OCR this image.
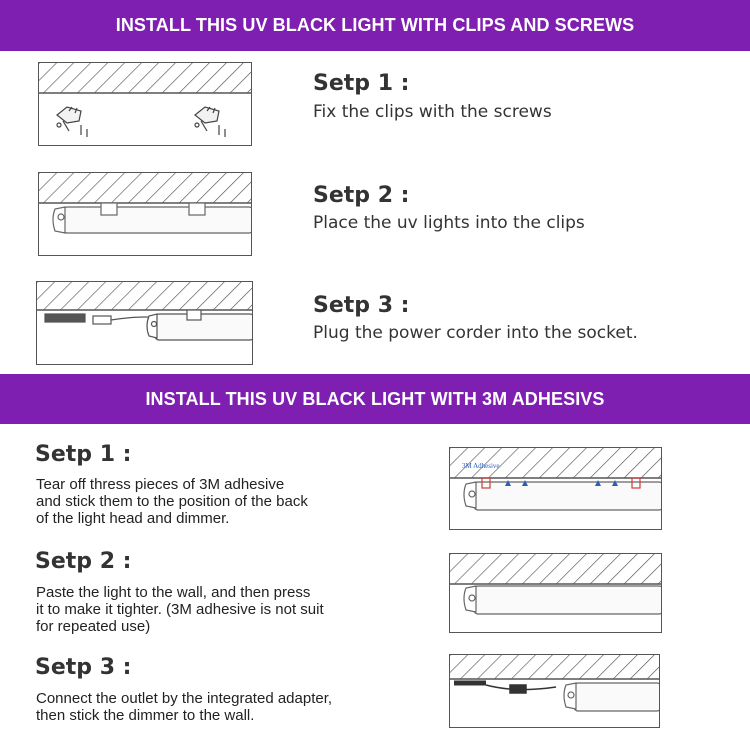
INSTALL THIS UV BLACK LIGHT WITH CLIPS AND SCREWS
Setp 1 :
Fix the clips with the screws
Setp 2 :
Place the uv lights into the clips
Setp 3 :
Plug the power corder into the socket.
INSTALL THIS UV BLACK LIGHT WITH 3M ADHESIVS
Setp 1 :
Tear off thress pieces of 3M adhesive
and stick them to the position of the back
of the light head and dimmer.
Setp 2 :
Paste the light to the wall, and then press
it to make it tighter. (3M adhesive is not suit
for repeated use)
Setp 3 :
Connect the outlet by the integrated adapter,
then stick the dimmer to the wall.
3M Adhesive
